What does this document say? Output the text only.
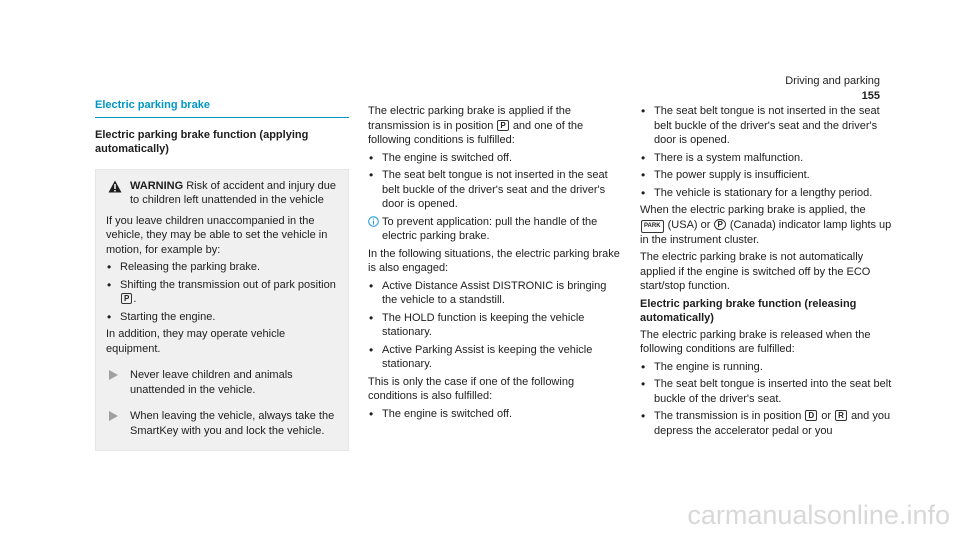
Driving and parking 155
Electric parking brake
Electric parking brake function (applying automatically)

WARNING Risk of accident and injury due to children left unattended in the vehicle

If you leave children unaccompanied in the vehicle, they may be able to set the vehicle in motion, for example by:

• Releasing the parking brake.
• Shifting the transmission out of park position P .
• Starting the engine.

In addition, they may operate vehicle equipment.

Never leave children and animals unattended in the vehicle.

When leaving the vehicle, always take the SmartKey with you and lock the vehicle.

The electric parking brake is applied if the transmission is in position P and one of the following conditions is fulfilled:

• The engine is switched off.
• The seat belt tongue is not inserted in the seat belt buckle of the driver's seat and the driver's door is opened.

To prevent application: pull the handle of the electric parking brake.

In the following situations, the electric parking brake is also engaged:

• Active Distance Assist DISTRONIC is bringing the vehicle to a standstill.
• The HOLD function is keeping the vehicle stationary.
• Active Parking Assist is keeping the vehicle stationary.

This is only the case if one of the following conditions is also fulfilled:

• The engine is switched off.
• The seat belt tongue is not inserted in the seat belt buckle of the driver's seat and the driver's door is opened.
• There is a system malfunction.
• The power supply is insufficient.
• The vehicle is stationary for a lengthy period.

When the electric parking brake is applied, the PARK (USA) or P (Canada) indicator lamp lights up in the instrument cluster.

The electric parking brake is not automatically applied if the engine is switched off by the ECO start/stop function.

Electric parking brake function (releasing automatically)

The electric parking brake is released when the following conditions are fulfilled:

• The engine is running.
• The seat belt tongue is inserted into the seat belt buckle of the driver's seat.
• The transmission is in position D or R and you depress the accelerator pedal or you
carmanualsonline.info
